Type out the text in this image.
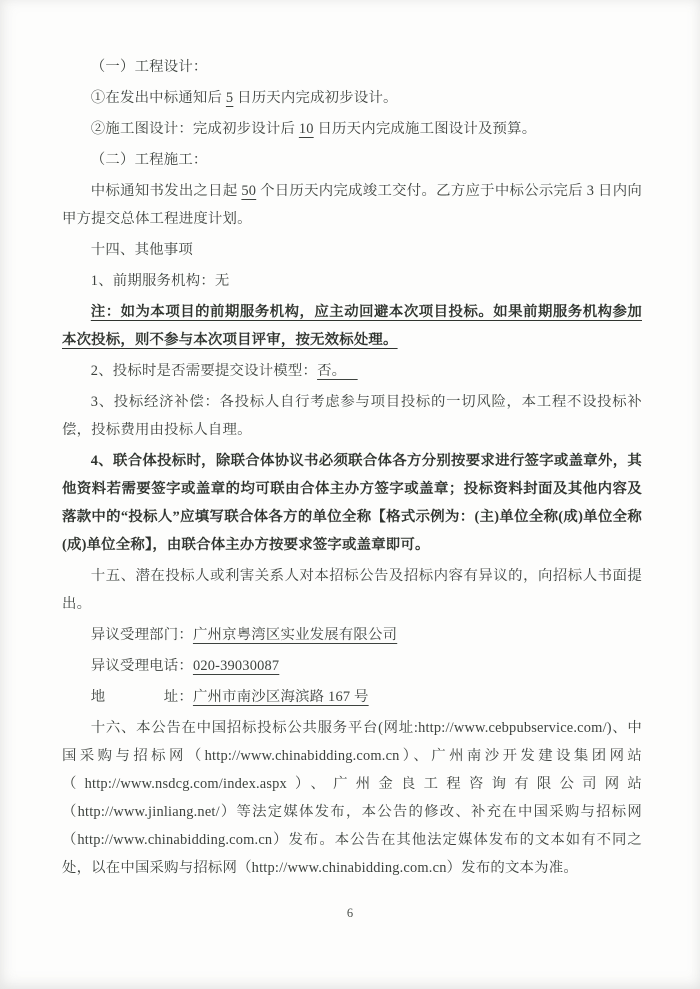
（一）工程设计：

①在发出中标通知后 5 日历天内完成初步设计。

②施工图设计：完成初步设计后 10 日历天内完成施工图设计及预算。

（二）工程施工：

中标通知书发出之日起 50 个日历天内完成竣工交付。乙方应于中标公示完后 3 日内向甲方提交总体工程进度计划。

十四、其他事项

1、前期服务机构：无

注：如为本项目的前期服务机构，应主动回避本次项目投标。如果前期服务机构参加本次投标，则不参与本次项目评审，按无效标处理。

2、投标时是否需要提交设计模型：否。

3、投标经济补偿：各投标人自行考虑参与项目投标的一切风险，本工程不设投标补偿，投标费用由投标人自理。

4、联合体投标时，除联合体协议书必须联合体各方分别按要求进行签字或盖章外，其他资料若需要签字或盖章的均可联由合体主办方签字或盖章；投标资料封面及其他内容及落款中的“投标人”应填写联合体各方的单位全称【格式示例为：(主)单位全称(成)单位全称(成)单位全称】，由联合体主办方按要求签字或盖章即可。

十五、潜在投标人或利害关系人对本招标公告及招标内容有异议的，向招标人书面提出。

异议受理部门：广州京粤湾区实业发展有限公司

异议受理电话：020-39030087

地　　　　址：广州市南沙区海滨路 167 号

十六、本公告在中国招标投标公共服务平台(网址:http://www.cebpubservice.com/)、中国采购与招标网（http://www.chinabidding.com.cn）、广州南沙开发建设集团网站（http://www.nsdcg.com/index.aspx）、广州金良工程咨询有限公司网站（http://www.jinliang.net/）等法定媒体发布，本公告的修改、补充在中国采购与招标网（http://www.chinabidding.com.cn）发布。本公告在其他法定媒体发布的文本如有不同之处，以在中国采购与招标网（http://www.chinabidding.com.cn）发布的文本为准。

6
